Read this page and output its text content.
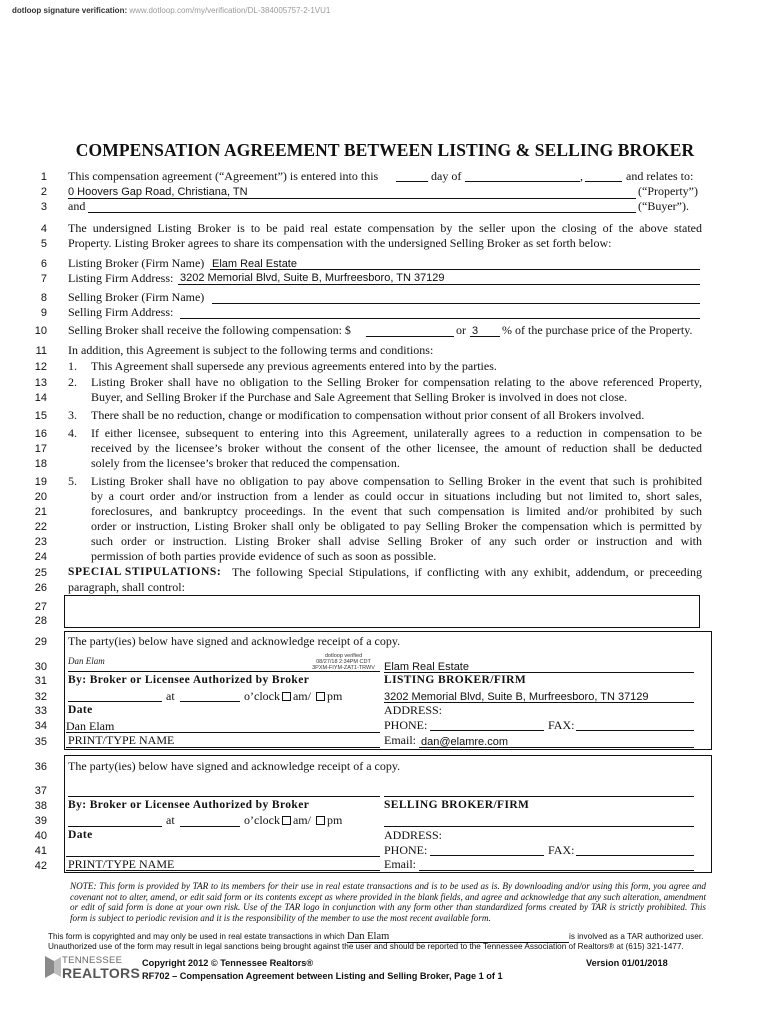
dotloop signature verification: www.dotloop.com/my/verification/DL-384005757-2-1VU1
COMPENSATION AGREEMENT BETWEEN LISTING & SELLING BROKER
1
2
3
4
5
6
7
8
9
10
11
12
13
14
15
16
17
18
19
20
21
22
23
24
25
26
27
28
29
30
31
32
33
34
35
36
37
38
39
40
41
42
This compensation agreement (“Agreement”) is entered into this	day of	,	and relates to:
0 Hoovers Gap Road, Christiana, TN	(“Property”)
and	(“Buyer”).
The undersigned Listing Broker is to be paid real estate compensation by the seller upon the closing of the above stated
Property. Listing Broker agrees to share its compensation with the undersigned Selling Broker as set forth below:
Listing Broker (Firm Name) Elam Real Estate
Listing Firm Address: 3202 Memorial Blvd, Suite B, Murfreesboro, TN 37129
Selling Broker (Firm Name)
Selling Firm Address:
Selling Broker shall receive the following compensation: $	or 3 % of the purchase price of the Property.
In addition, this Agreement is subject to the following terms and conditions:
1. This Agreement shall supersede any previous agreements entered into by the parties.
2. Listing Broker shall have no obligation to the Selling Broker for compensation relating to the above referenced Property,
Buyer, and Selling Broker if the Purchase and Sale Agreement that Selling Broker is involved in does not close.
3. There shall be no reduction, change or modification to compensation without prior consent of all Brokers involved.
4. If either licensee, subsequent to entering into this Agreement, unilaterally agrees to a reduction in compensation to be
received by the licensee’s broker without the consent of the other licensee, the amount of reduction shall be deducted
solely from the licensee’s broker that reduced the compensation.
5. Listing Broker shall have no obligation to pay above compensation to Selling Broker in the event that such is prohibited
by a court order and/or instruction from a lender as could occur in situations including but not limited to, short sales,
foreclosures, and bankruptcy proceedings. In the event that such compensation is limited and/or prohibited by such
order or instruction, Listing Broker shall only be obligated to pay Selling Broker the compensation which is permitted by
such order or instruction. Listing Broker shall advise Selling Broker of any such order or instruction and with
permission of both parties provide evidence of such as soon as possible.
SPECIAL STIPULATIONS: The following Special Stipulations, if conflicting with any exhibit, addendum, or preceeding
paragraph, shall control:
The party(ies) below have signed and acknowledge receipt of a copy.
Dan Elam	dotloop verified
08/27/18 2:34PM CDT
3PXM-FIYM-ZAT1-TRWV
By: Broker or Licensee Authorized by Broker
at	o’clock am/ pm
Date
Dan Elam
PRINT/TYPE NAME
Elam Real Estate
LISTING BROKER/FIRM
3202 Memorial Blvd, Suite B, Murfreesboro, TN 37129
ADDRESS:
PHONE:	FAX:
Email: dan@elamre.com
The party(ies) below have signed and acknowledge receipt of a copy.
By: Broker or Licensee Authorized by Broker
at	o’clock am/ pm
Date
PRINT/TYPE NAME
SELLING BROKER/FIRM
ADDRESS:
PHONE:	FAX:
Email:
NOTE: This form is provided by TAR to its members for their use in real estate transactions and is to be used as is. By downloading and/or using this form, you agree and covenant not to alter, amend, or edit said form or its contents except as where provided in the blank fields, and agree and acknowledge that any such alteration, amendment or edit of said form is done at your own risk. Use of the TAR logo in conjunction with any form other than standardized forms created by TAR is strictly prohibited. This form is subject to periodic revision and it is the responsibility of the member to use the most recent available form.
This form is copyrighted and may only be used in real estate transactions in which Dan Elam	is involved as a TAR authorized user.
Unauthorized use of the form may result in legal sanctions being brought against the user and should be reported to the Tennessee Association of Realtors® at (615) 321-1477.
TENNESSEE
REALTORS
Copyright 2012 © Tennessee Realtors®
RF702 – Compensation Agreement between Listing and Selling Broker, Page 1 of 1
Version 01/01/2018
